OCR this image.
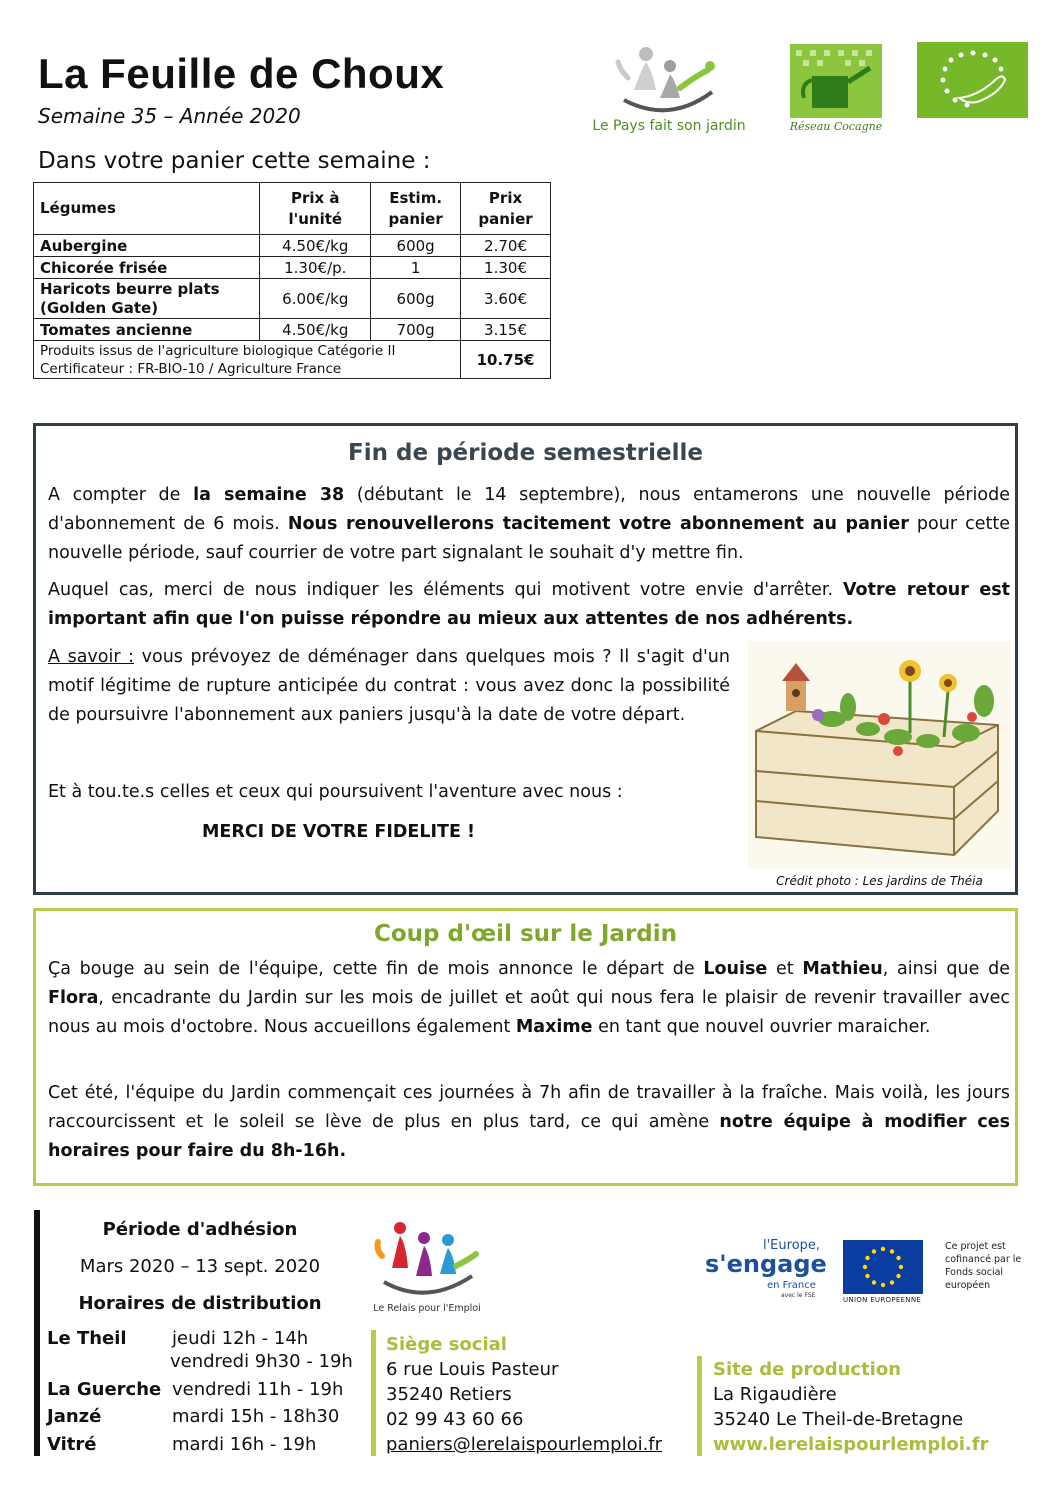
La Feuille de Choux
Semaine 35 – Année 2020
Dans votre panier cette semaine :
Le Pays fait son jardin	Réseau Cocagne
Légumes	Prix à l'unité	Estim. panier	Prix panier
Aubergine	4.50€/kg	600g	2.70€
Chicorée frisée	1.30€/p.	1	1.30€
Haricots beurre plats (Golden Gate)	6.00€/kg	600g	3.60€
Tomates ancienne	4.50€/kg	700g	3.15€

Produits issus de l'agriculture biologique Catégorie II
Certificateur : FR-BIO-10 / Agriculture France			10.75€
Fin de période semestrielle
A compter de la semaine 38 (débutant le 14 septembre), nous entamerons une nouvelle période d'abonnement de 6 mois. Nous renouvellerons tacitement votre abonnement au panier pour cette nouvelle période, sauf courrier de votre part signalant le souhait d'y mettre fin.
Auquel cas, merci de nous indiquer les éléments qui motivent votre envie d'arrêter. Votre retour est important afin que l'on puisse répondre au mieux aux attentes de nos adhérents.
A savoir : vous prévoyez de déménager dans quelques mois ? Il s'agit d'un motif légitime de rupture anticipée du contrat : vous avez donc la possibilité de poursuivre l'abonnement aux paniers jusqu'à la date de votre départ.
Et à tou.te.s celles et ceux qui poursuivent l'aventure avec nous :
MERCI DE VOTRE FIDELITE !
Crédit photo : Les jardins de Théia
Coup d'œil sur le Jardin
Ça bouge au sein de l'équipe, cette fin de mois annonce le départ de Louise et Mathieu, ainsi que de Flora, encadrante du Jardin sur les mois de juillet et août qui nous fera le plaisir de revenir travailler avec nous au mois d'octobre. Nous accueillons également Maxime en tant que nouvel ouvrier maraicher.
Cet été, l'équipe du Jardin commençait ces journées à 7h afin de travailler à la fraîche. Mais voilà, les jours raccourcissent et le soleil se lève de plus en plus tard, ce qui amène notre équipe à modifier ces horaires pour faire du 8h-16h.
Période d'adhésion
Mars 2020 – 13 sept. 2020
Horaires de distribution
Le Theil	jeudi 12h - 14h
vendredi 9h30 - 19h
La Guerche vendredi 11h - 19h
Janzé	mardi 15h - 18h30
Vitré	mardi 16h - 19h
Le Relais pour l'Emploi
Siège social
6 rue Louis Pasteur
35240 Retiers
02 99 43 60 66
paniers@lerelaispourlemploi.fr
Site de production
La Rigaudière
35240 Le Theil-de-Bretagne
www.lerelaispourlemploi.fr
l'Europe,
s'engage
en France
avec le FSE
UNION EUROPÉENNE
Ce projet est cofinancé par le Fonds social européen
